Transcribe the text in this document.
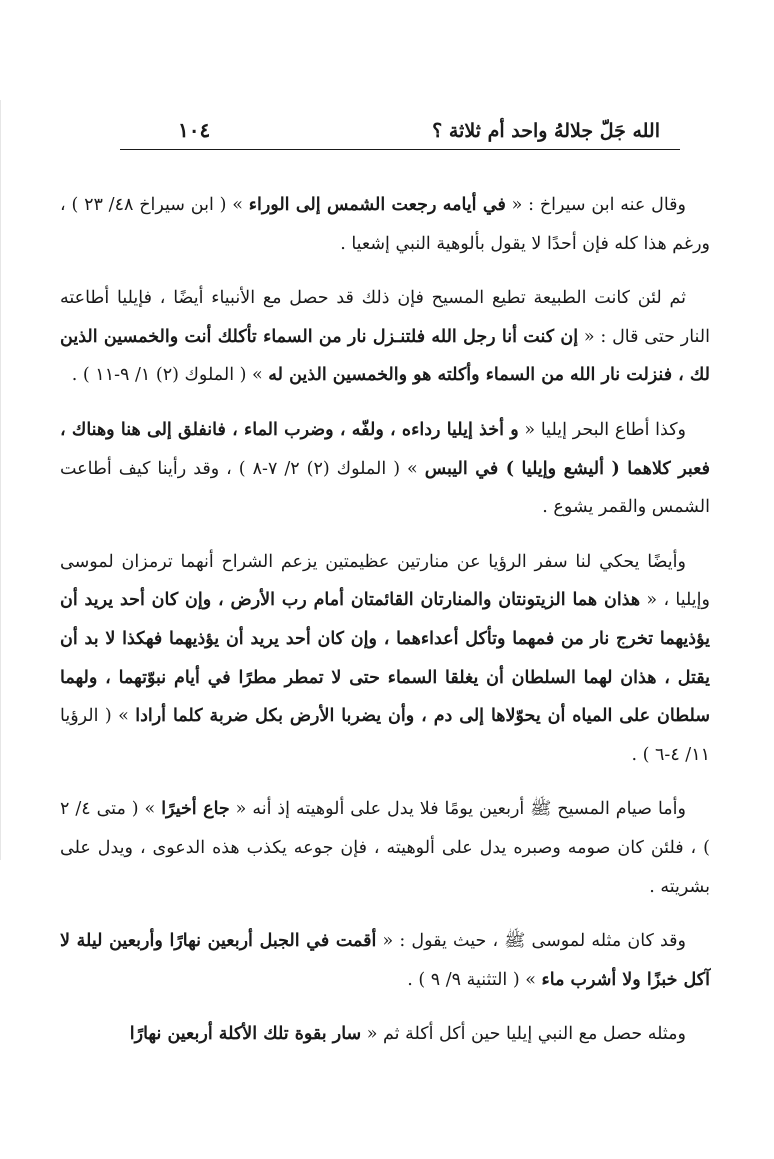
الله جَلّ جلالهُ واحد أم ثلاثة ؟
١٠٤

وقال عنه ابن سيراخ : « في أيامه رجعت الشمس إلى الوراء » ( ابن سيراخ ٤٨/ ٢٣ ) ، ورغم هذا كله فإن أحدًا لا يقول بألوهية النبي إشعيا .

ثم لئن كانت الطبيعة تطيع المسيح فإن ذلك قد حصل مع الأنبياء أيضًا ، فإيليا أطاعته النار حتى قال : « إن كنت أنا رجل الله فلتنـزل نار من السماء تأكلك أنت والخمسين الذين لك ، فنزلت نار الله من السماء وأكلته هو والخمسين الذين له » ( الملوك (٢) ١/ ٩-١١ ) .

وكذا أطاع البحر إيليا « و أخذ إيليا رداءه ، ولفّه ، وضرب الماء ، فانفلق إلى هنا وهناك ، فعبر كلاهما ( أليشع وإيليا ) في اليبس » ( الملوك (٢) ٢/ ٧-٨ ) ، وقد رأينا كيف أطاعت الشمس والقمر يشوع .

وأيضًا يحكي لنا سفر الرؤيا عن منارتين عظيمتين يزعم الشراح أنهما ترمزان لموسى وإيليا ، « هذان هما الزيتونتان والمنارتان القائمتان أمام رب الأرض ، وإن كان أحد يريد أن يؤذيهما تخرج نار من فمهما وتأكل أعداءهما ، وإن كان أحد يريد أن يؤذيهما فهكذا لا بد أن يقتل ، هذان لهما السلطان أن يغلقا السماء حتى لا تمطر مطرًا في أيام نبوّتهما ، ولهما سلطان على المياه أن يحوّلاها إلى دم ، وأن يضربا الأرض بكل ضربة كلما أرادا » ( الرؤيا ١١/ ٤-٦ ) .

وأما صيام المسيح ﷺ أربعين يومًا فلا يدل على ألوهيته إذ أنه « جاع أخيرًا » ( متى ٤/ ٢ ) ، فلئن كان صومه وصبره يدل على ألوهيته ، فإن جوعه يكذب هذه الدعوى ، ويدل على بشريته .

وقد كان مثله لموسى ﷺ ، حيث يقول : « أقمت في الجبل أربعين نهارًا وأربعين ليلة لا آكل خبزًا ولا أشرب ماء » ( التثنية ٩/ ٩ ) .

ومثله حصل مع النبي إيليا حين أكل أكلة ثم « سار بقوة تلك الأكلة أربعين نهارًا
